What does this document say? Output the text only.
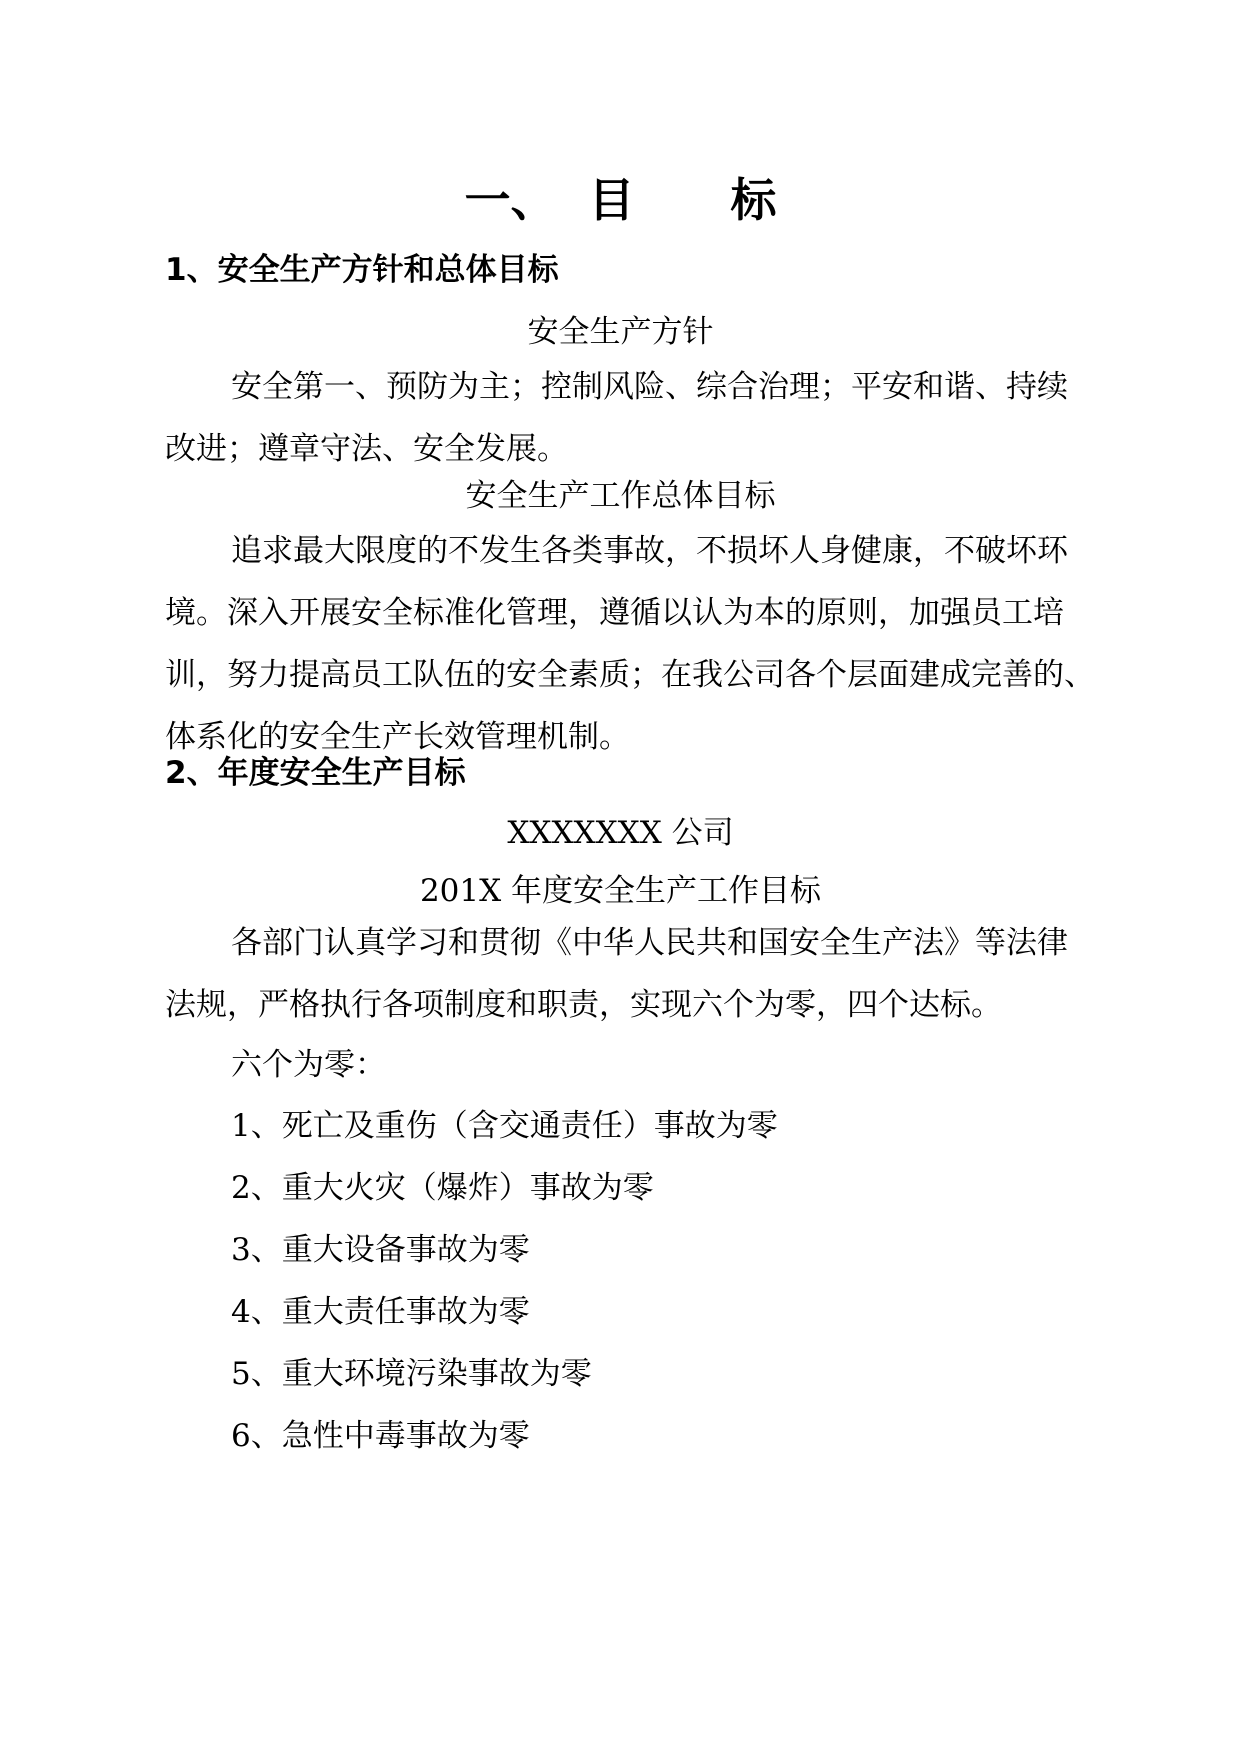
一、  目      标
1、安全生产方针和总体目标
安全生产方针
安全第一、预防为主；控制风险、综合治理；平安和谐、持续改进；遵章守法、安全发展。
安全生产工作总体目标
追求最大限度的不发生各类事故，不损坏人身健康，不破坏环境。深入开展安全标准化管理，遵循以认为本的原则，加强员工培训，努力提高员工队伍的安全素质；在我公司各个层面建成完善的、体系化的安全生产长效管理机制。
2、年度安全生产目标
XXXXXXX 公司
201X 年度安全生产工作目标
各部门认真学习和贯彻《中华人民共和国安全生产法》等法律法规，严格执行各项制度和职责，实现六个为零，四个达标。
六个为零：
1、死亡及重伤（含交通责任）事故为零
2、重大火灾（爆炸）事故为零
3、重大设备事故为零
4、重大责任事故为零
5、重大环境污染事故为零
6、急性中毒事故为零
